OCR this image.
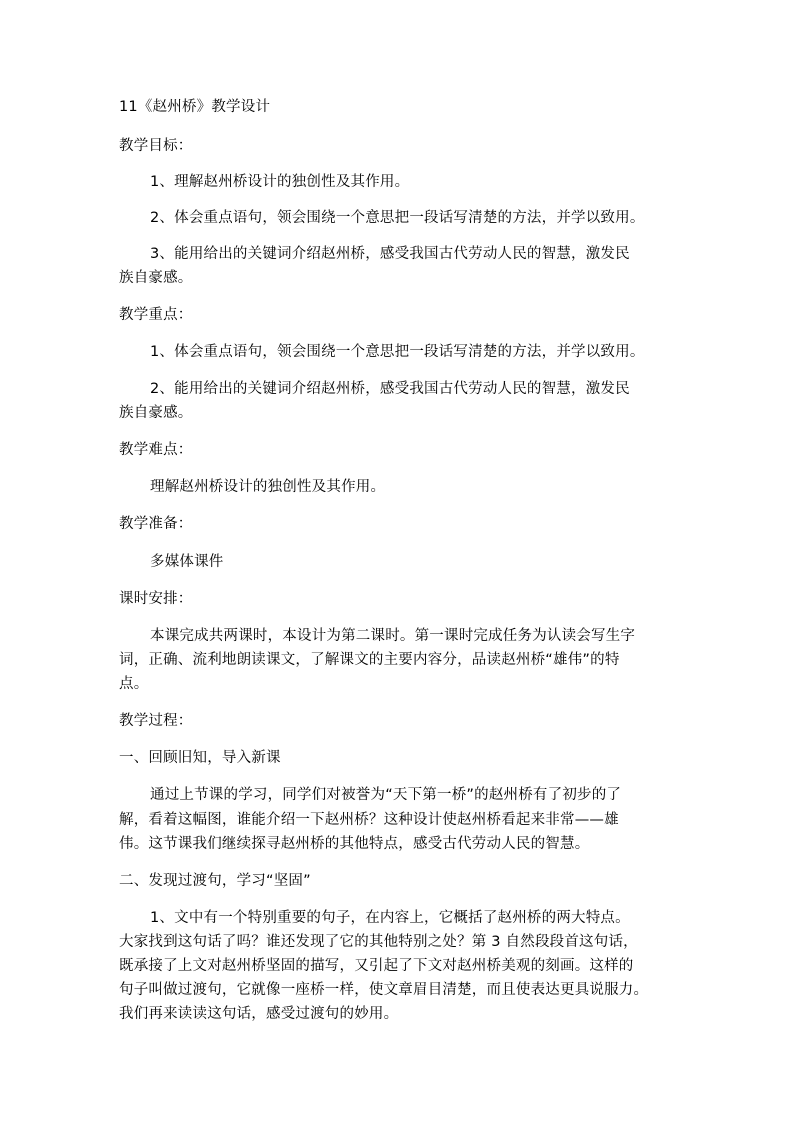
11《赵州桥》教学设计
教学目标：
1、理解赵州桥设计的独创性及其作用。
2、体会重点语句，领会围绕一个意思把一段话写清楚的方法，并学以致用。
3、能用给出的关键词介绍赵州桥，感受我国古代劳动人民的智慧，激发民
族自豪感。
教学重点：
1、体会重点语句，领会围绕一个意思把一段话写清楚的方法，并学以致用。
2、能用给出的关键词介绍赵州桥，感受我国古代劳动人民的智慧，激发民
族自豪感。
教学难点：
理解赵州桥设计的独创性及其作用。
教学准备：
多媒体课件
课时安排：
本课完成共两课时，本设计为第二课时。第一课时完成任务为认读会写生字
词，正确、流利地朗读课文，了解课文的主要内容分，品读赵州桥“雄伟”的特
点。
教学过程：
一、回顾旧知，导入新课
通过上节课的学习，同学们对被誉为“天下第一桥”的赵州桥有了初步的了
解，看着这幅图，谁能介绍一下赵州桥？这种设计使赵州桥看起来非常——雄
伟。这节课我们继续探寻赵州桥的其他特点，感受古代劳动人民的智慧。
二、发现过渡句，学习“坚固”
1、文中有一个特别重要的句子，在内容上，它概括了赵州桥的两大特点。
大家找到这句话了吗？谁还发现了它的其他特别之处？第 3 自然段段首这句话，
既承接了上文对赵州桥坚固的描写，又引起了下文对赵州桥美观的刻画。这样的
句子叫做过渡句，它就像一座桥一样，使文章眉目清楚，而且使表达更具说服力。
我们再来读读这句话，感受过渡句的妙用。
